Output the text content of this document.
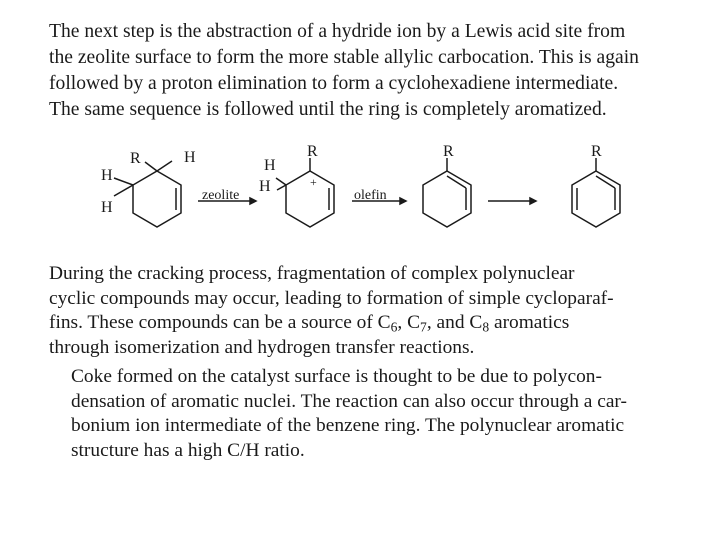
The next step is the abstraction of a hydride ion by a Lewis acid site from
the zeolite surface to form the more stable allylic carbocation. This is again
followed by a proton elimination to form a cyclohexadiene intermediate.
The same sequence is followed until the ring is completely aromatized.
R	H
H
H
zeolite
H
H
R
+
olefin
R	R
During the cracking process, fragmentation of complex polynuclear
cyclic compounds may occur, leading to formation of simple cycloparaf-
fins. These compounds can be a source of $C_6$, $C_7$, and $C_8$ aromatics
through isomerization and hydrogen transfer reactions.
Coke formed on the catalyst surface is thought to be due to polycon-
densation of aromatic nuclei. The reaction can also occur through a car-
bonium ion intermediate of the benzene ring. The polynuclear aromatic
structure has a high C/H ratio.
